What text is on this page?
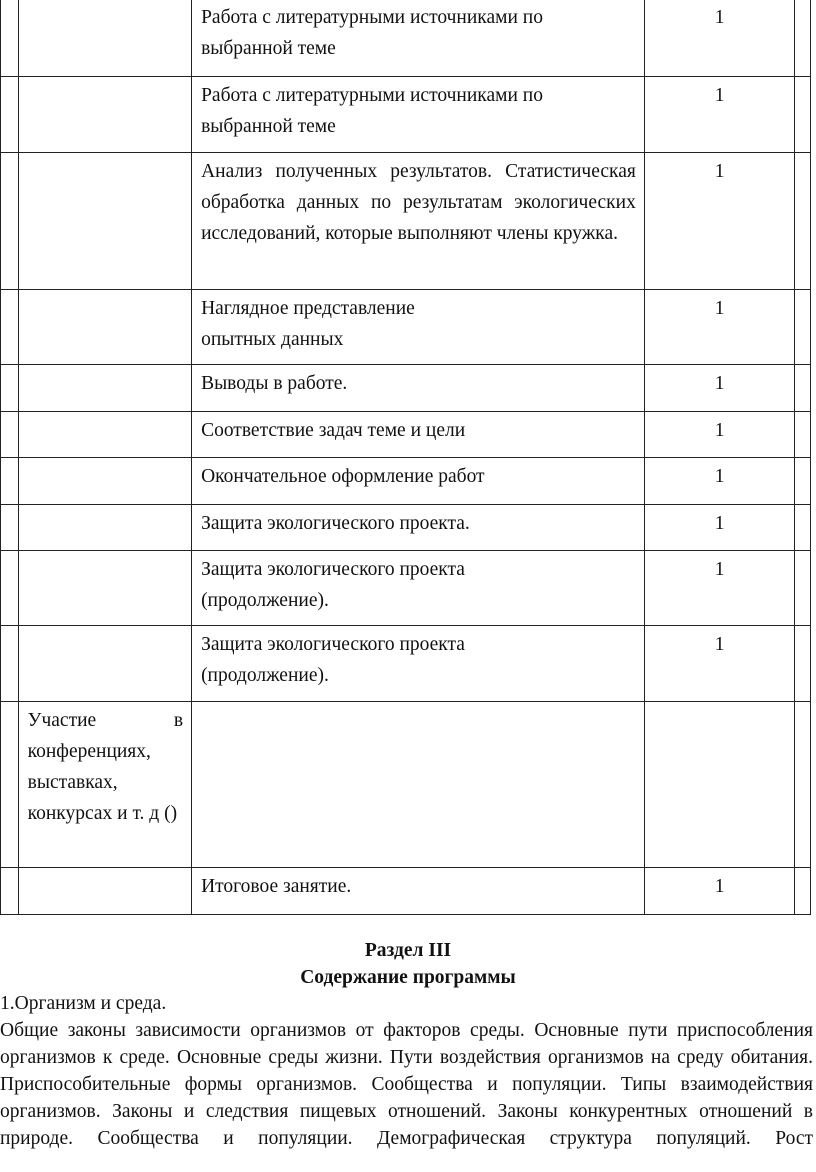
		Работа с литературными источниками по выбранной теме	1	

		Работа с литературными источниками по выбранной теме	1	

		Анализ полученных результатов. Статистическая обработка данных по результатам экологических исследований, которые выполняют члены кружка.	1	

		Наглядное представление опытных данных	1	

		Выводы в работе.	1	

		Соответствие задач теме и цели	1	

		Окончательное оформление работ	1	

		Защита экологического проекта.	1	

		Защита экологического проекта (продолжение).	1	

		Защита экологического проекта (продолжение).	1	

	Участие в конференциях, выставках, конкурсах и т. д ()			

		Итоговое занятие.	1	

Раздел III
Содержание программы
1.Организм и среда.
Общие законы зависимости организмов от факторов среды. Основные пути приспособления организмов к среде. Основные среды жизни. Пути воздействия организмов на среду обитания. Приспособительные формы организмов. Сообщества и популяции. Типы взаимодействия организмов. Законы и следствия пищевых отношений. Законы конкурентных отношений в природе. Сообщества и популяции. Демографическая структура популяций. Рост
